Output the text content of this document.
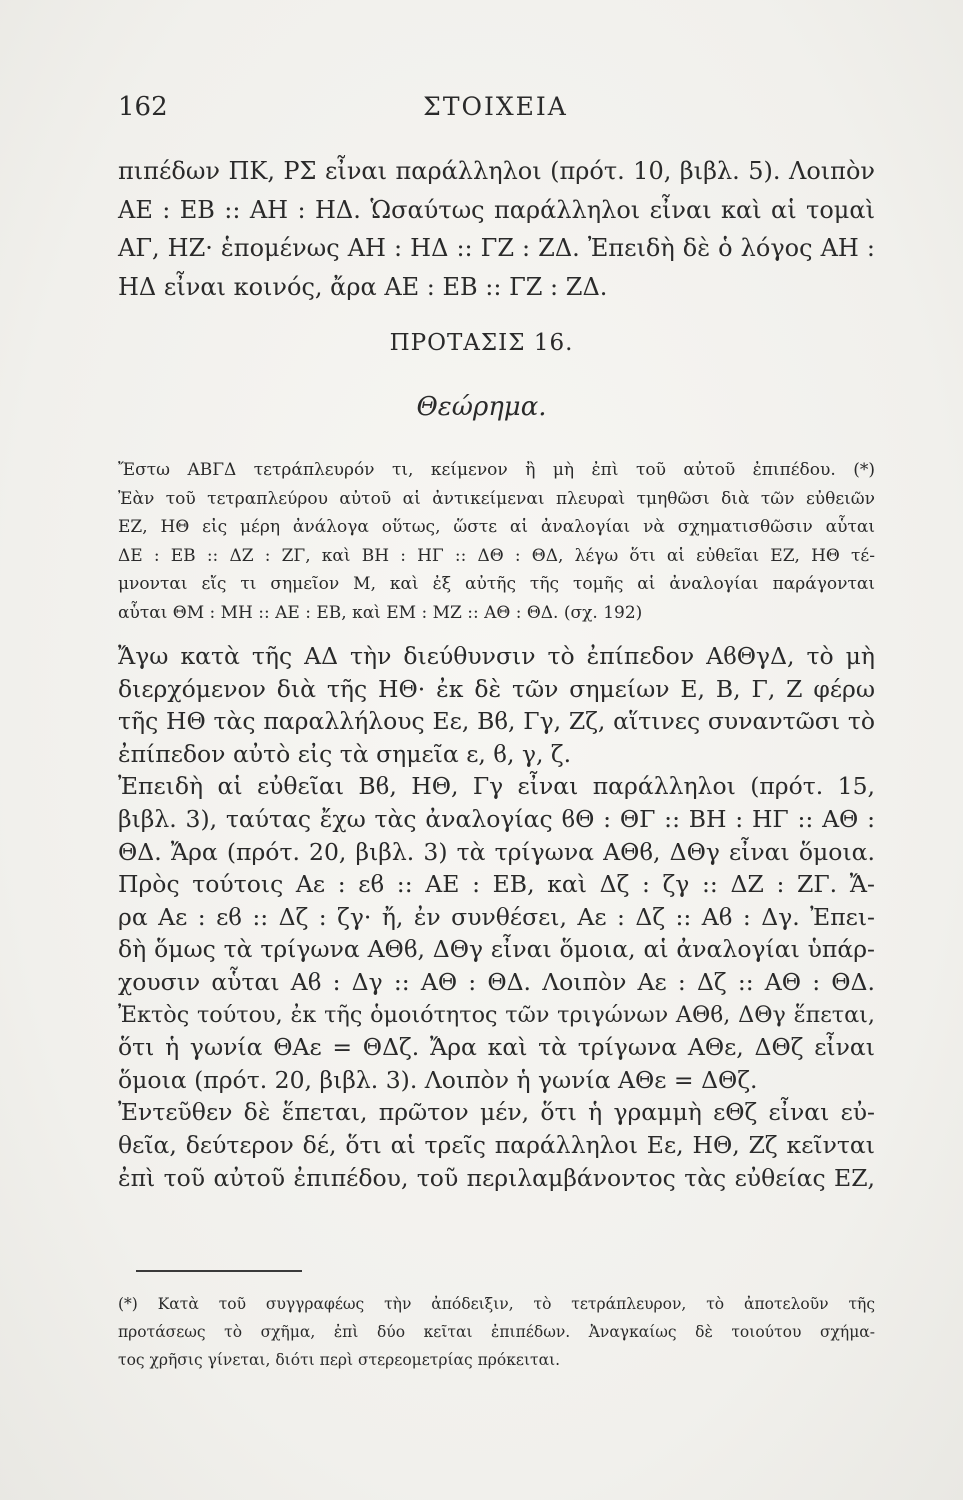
162	ΣΤΟΙΧΕΙΑ
πιπέδων ΠΚ, ΡΣ εἶναι παράλληλοι (πρότ. 10, βιβλ. 5). Λοιπὸν
ΑΕ : ΕΒ :: ΑΗ : ΗΔ. Ὡσαύτως παράλληλοι εἶναι καὶ αἱ τομαὶ
ΑΓ, ΗΖ· ἑπομένως ΑΗ : ΗΔ :: ΓΖ : ΖΔ. Ἐπειδὴ δὲ ὁ λόγος ΑΗ :
ΗΔ εἶναι κοινός, ἄρα ΑΕ : ΕΒ :: ΓΖ : ΖΔ.
ΠΡΟΤΑΣΙΣ 16.
Θεώρημα.
Ἔστω ΑΒΓΔ τετράπλευρόν τι, κείμενον ἢ μὴ ἐπὶ τοῦ αὐτοῦ ἐπιπέδου. (*)
Ἐὰν τοῦ τετραπλεύρου αὐτοῦ αἱ ἀντικείμεναι πλευραὶ τμηθῶσι διὰ τῶν εὐθειῶν
ΕΖ, ΗΘ εἰς μέρη ἀνάλογα οὕτως, ὥστε αἱ ἀναλογίαι νὰ σχηματισθῶσιν αὗται
ΔΕ : ΕΒ :: ΔΖ : ΖΓ, καὶ ΒΗ : ΗΓ :: ΔΘ : ΘΔ, λέγω ὅτι αἱ εὐθεῖαι ΕΖ, ΗΘ τέ-
μνονται εἴς τι σημεῖον Μ, καὶ ἐξ αὐτῆς τῆς τομῆς αἱ ἀναλογίαι παράγονται
αὗται ΘΜ : ΜΗ :: ΑΕ : ΕΒ, καὶ ΕΜ : ΜΖ :: ΑΘ : ΘΔ. (σχ. 192)
Ἄγω κατὰ τῆς ΑΔ τὴν διεύθυνσιν τὸ ἐπίπεδον ΑϐΘγΔ, τὸ μὴ
διερχόμενον διὰ τῆς ΗΘ· ἐκ δὲ τῶν σημείων Ε, Β, Γ, Ζ φέρω
τῆς ΗΘ τὰς παραλλήλους Εε, Βϐ, Γγ, Ζζ, αἵτινες συναντῶσι τὸ
ἐπίπεδον αὐτὸ εἰς τὰ σημεῖα ε, ϐ, γ, ζ.
Ἐπειδὴ αἱ εὐθεῖαι Βϐ, ΗΘ, Γγ εἶναι παράλληλοι (πρότ. 15,
βιβλ. 3), ταύτας ἔχω τὰς ἀναλογίας ϐΘ : ΘΓ :: ΒΗ : ΗΓ :: ΑΘ :
ΘΔ. Ἄρα (πρότ. 20, βιβλ. 3) τὰ τρίγωνα ΑΘϐ, ΔΘγ εἶναι ὅμοια.
Πρὸς τούτοις Αε : εϐ :: ΑΕ : ΕΒ, καὶ Δζ : ζγ :: ΔΖ : ΖΓ. Ἄ-
ρα Αε : εϐ :: Δζ : ζγ· ἤ, ἐν συνθέσει, Αε : Δζ :: Αϐ : Δγ. Ἐπει-
δὴ ὅμως τὰ τρίγωνα ΑΘϐ, ΔΘγ εἶναι ὅμοια, αἱ ἀναλογίαι ὑπάρ-
χουσιν αὗται Αϐ : Δγ :: ΑΘ : ΘΔ. Λοιπὸν Αε : Δζ :: ΑΘ : ΘΔ.
Ἐκτὸς τούτου, ἐκ τῆς ὁμοιότητος τῶν τριγώνων ΑΘϐ, ΔΘγ ἕπεται,
ὅτι ἡ γωνία ΘΑε = ΘΔζ. Ἄρα καὶ τὰ τρίγωνα ΑΘε, ΔΘζ εἶναι
ὅμοια (πρότ. 20, βιβλ. 3). Λοιπὸν ἡ γωνία ΑΘε = ΔΘζ.
Ἐντεῦθεν δὲ ἕπεται, πρῶτον μέν, ὅτι ἡ γραμμὴ εΘζ εἶναι εὐ-
θεῖα, δεύτερον δέ, ὅτι αἱ τρεῖς παράλληλοι Εε, ΗΘ, Ζζ κεῖνται
ἐπὶ τοῦ αὐτοῦ ἐπιπέδου, τοῦ περιλαμβάνοντος τὰς εὐθείας ΕΖ,
(*) Κατὰ τοῦ συγγραφέως τὴν ἀπόδειξιν, τὸ τετράπλευρον, τὸ ἀποτελοῦν τῆς
προτάσεως τὸ σχῆμα, ἐπὶ δύο κεῖται ἐπιπέδων. Ἀναγκαίως δὲ τοιούτου σχήμα-
τος χρῆσις γίνεται, διότι περὶ στερεομετρίας πρόκειται.
